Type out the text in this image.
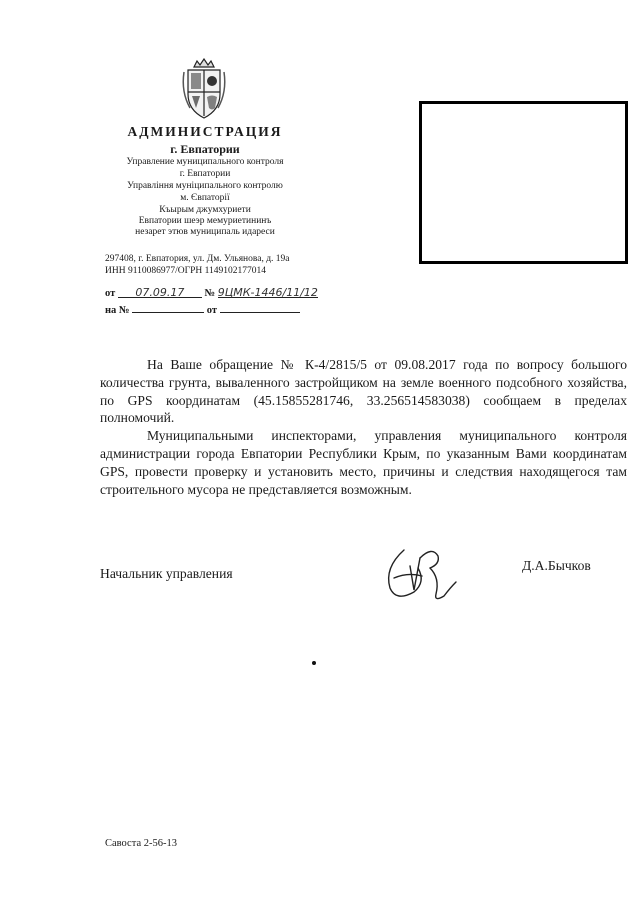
АДМИНИСТРАЦИЯ
г. Евпатории
Управление муниципального контроля
г. Евпатории
Управління муніципального контролю
м. Євпаторії
Къырым джумхуриети
Евпатории шеэр мемуриетининъ
незарет этюв муниципаль идареси
297408, г. Евпатория, ул. Дм. Ульянова, д. 19а
ИНН 9110086977/ОГРН 1149102177014
от 07.09.17 № 9ЦМК-1446/11/12
на №	от

На Ваше обращение № К-4/2815/5 от 09.08.2017 года по вопросу большого количества грунта, вываленного застройщиком на земле военного подсобного хозяйства, по GPS координатам (45.15855281746, 33.256514583038) сообщаем в пределах полномочий.

Муниципальными инспекторами, управления муниципального контроля администрации города Евпатории Республики Крым, по указанным Вами координатам GPS, провести проверку и установить место, причины и следствия находящегося там строительного мусора не представляется возможным.

Начальник управления
Д.А.Бычков
Савоста 2-56-13
